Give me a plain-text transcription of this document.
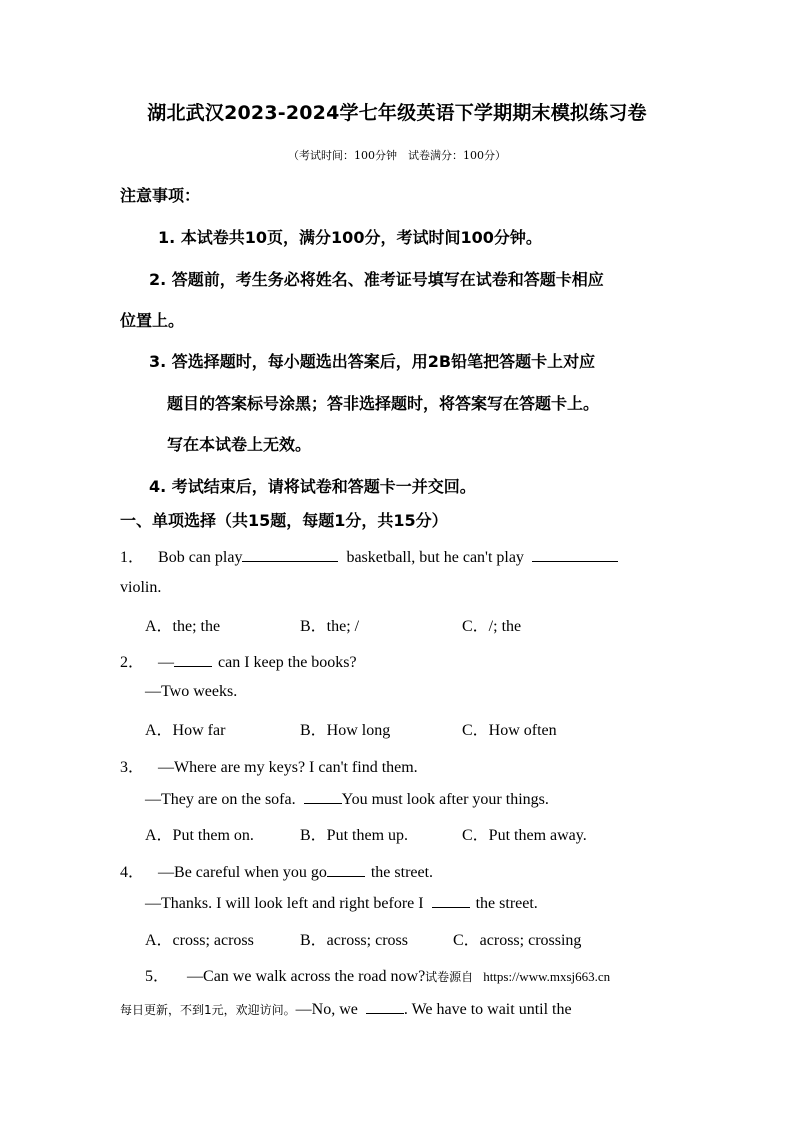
湖北武汉2023-2024学七年级英语下学期期末模拟练习卷
（考试时间：100分钟　试卷满分：100分）
注意事项：
1. 本试卷共10页，满分100分，考试时间100分钟。
2. 答题前，考生务必将姓名、准考证号填写在试卷和答题卡相应
位置上。
3. 答选择题时，每小题选出答案后，用2B铅笔把答题卡上对应
题目的答案标号涂黑；答非选择题时，将答案写在答题卡上。
写在本试卷上无效。
4. 考试结束后，请将试卷和答题卡一并交回。
一、单项选择（共15题，每题1分，共15分）
1． Bob can play	basketball, but he can't play
violin.
A．the; the	B．the; /	C．/; the
2． —	can I keep the books?
—Two weeks.
A．How far	B．How long	C．How often
3． —Where are my keys? I can't find them.
—They are on the sofa.	You must look after your things.
A．Put them on.	B．Put them up.	C．Put them away.
4． —Be careful when you go	the street.
—Thanks. I will look left and right before I	the street.
A．cross; across	B．across; cross	C．across; crossing
5． —Can we walk across the road now?试卷源自 https://www.mxsj663.cn
每日更新，不到1元，欢迎访问。—No, we	. We have to wait until the
